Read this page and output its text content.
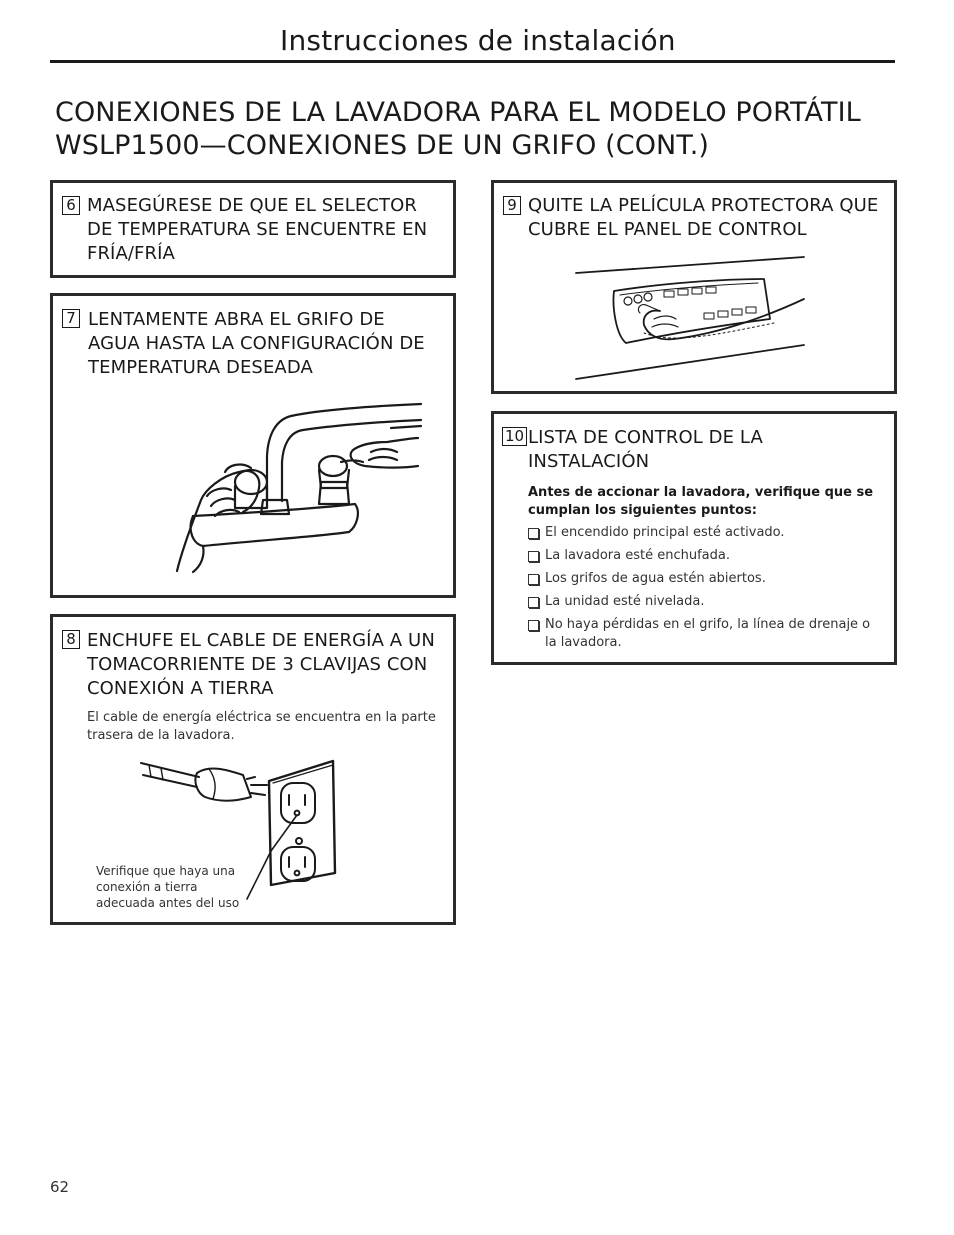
Instrucciones de instalación
CONEXIONES DE LA LAVADORA PARA EL MODELO PORTÁTIL WSLP1500—CONEXIONES DE UN GRIFO (CONT.)
6 MASEGÚRESE DE QUE EL SELECTOR DE TEMPERATURA SE ENCUENTRE EN FRÍA/FRÍA
7 LENTAMENTE ABRA EL GRIFO DE AGUA HASTA LA CONFIGURACIÓN DE TEMPERATURA DESEADA
8 ENCHUFE EL CABLE DE ENERGÍA A UN TOMACORRIENTE DE 3 CLAVIJAS CON CONEXIÓN A TIERRA
El cable de energía eléctrica se encuentra en la parte trasera de la lavadora.
Verifique que haya una conexión a tierra adecuada antes del uso
9 QUITE LA PELÍCULA PROTECTORA QUE CUBRE EL PANEL DE CONTROL
10 LISTA DE CONTROL DE LA INSTALACIÓN
Antes de accionar la lavadora, verifique que se cumplan los siguientes puntos:
El encendido principal esté activado.
La lavadora esté enchufada.
Los grifos de agua estén abiertos.
La unidad esté nivelada.
No haya pérdidas en el grifo, la línea de drenaje o la lavadora.
62
